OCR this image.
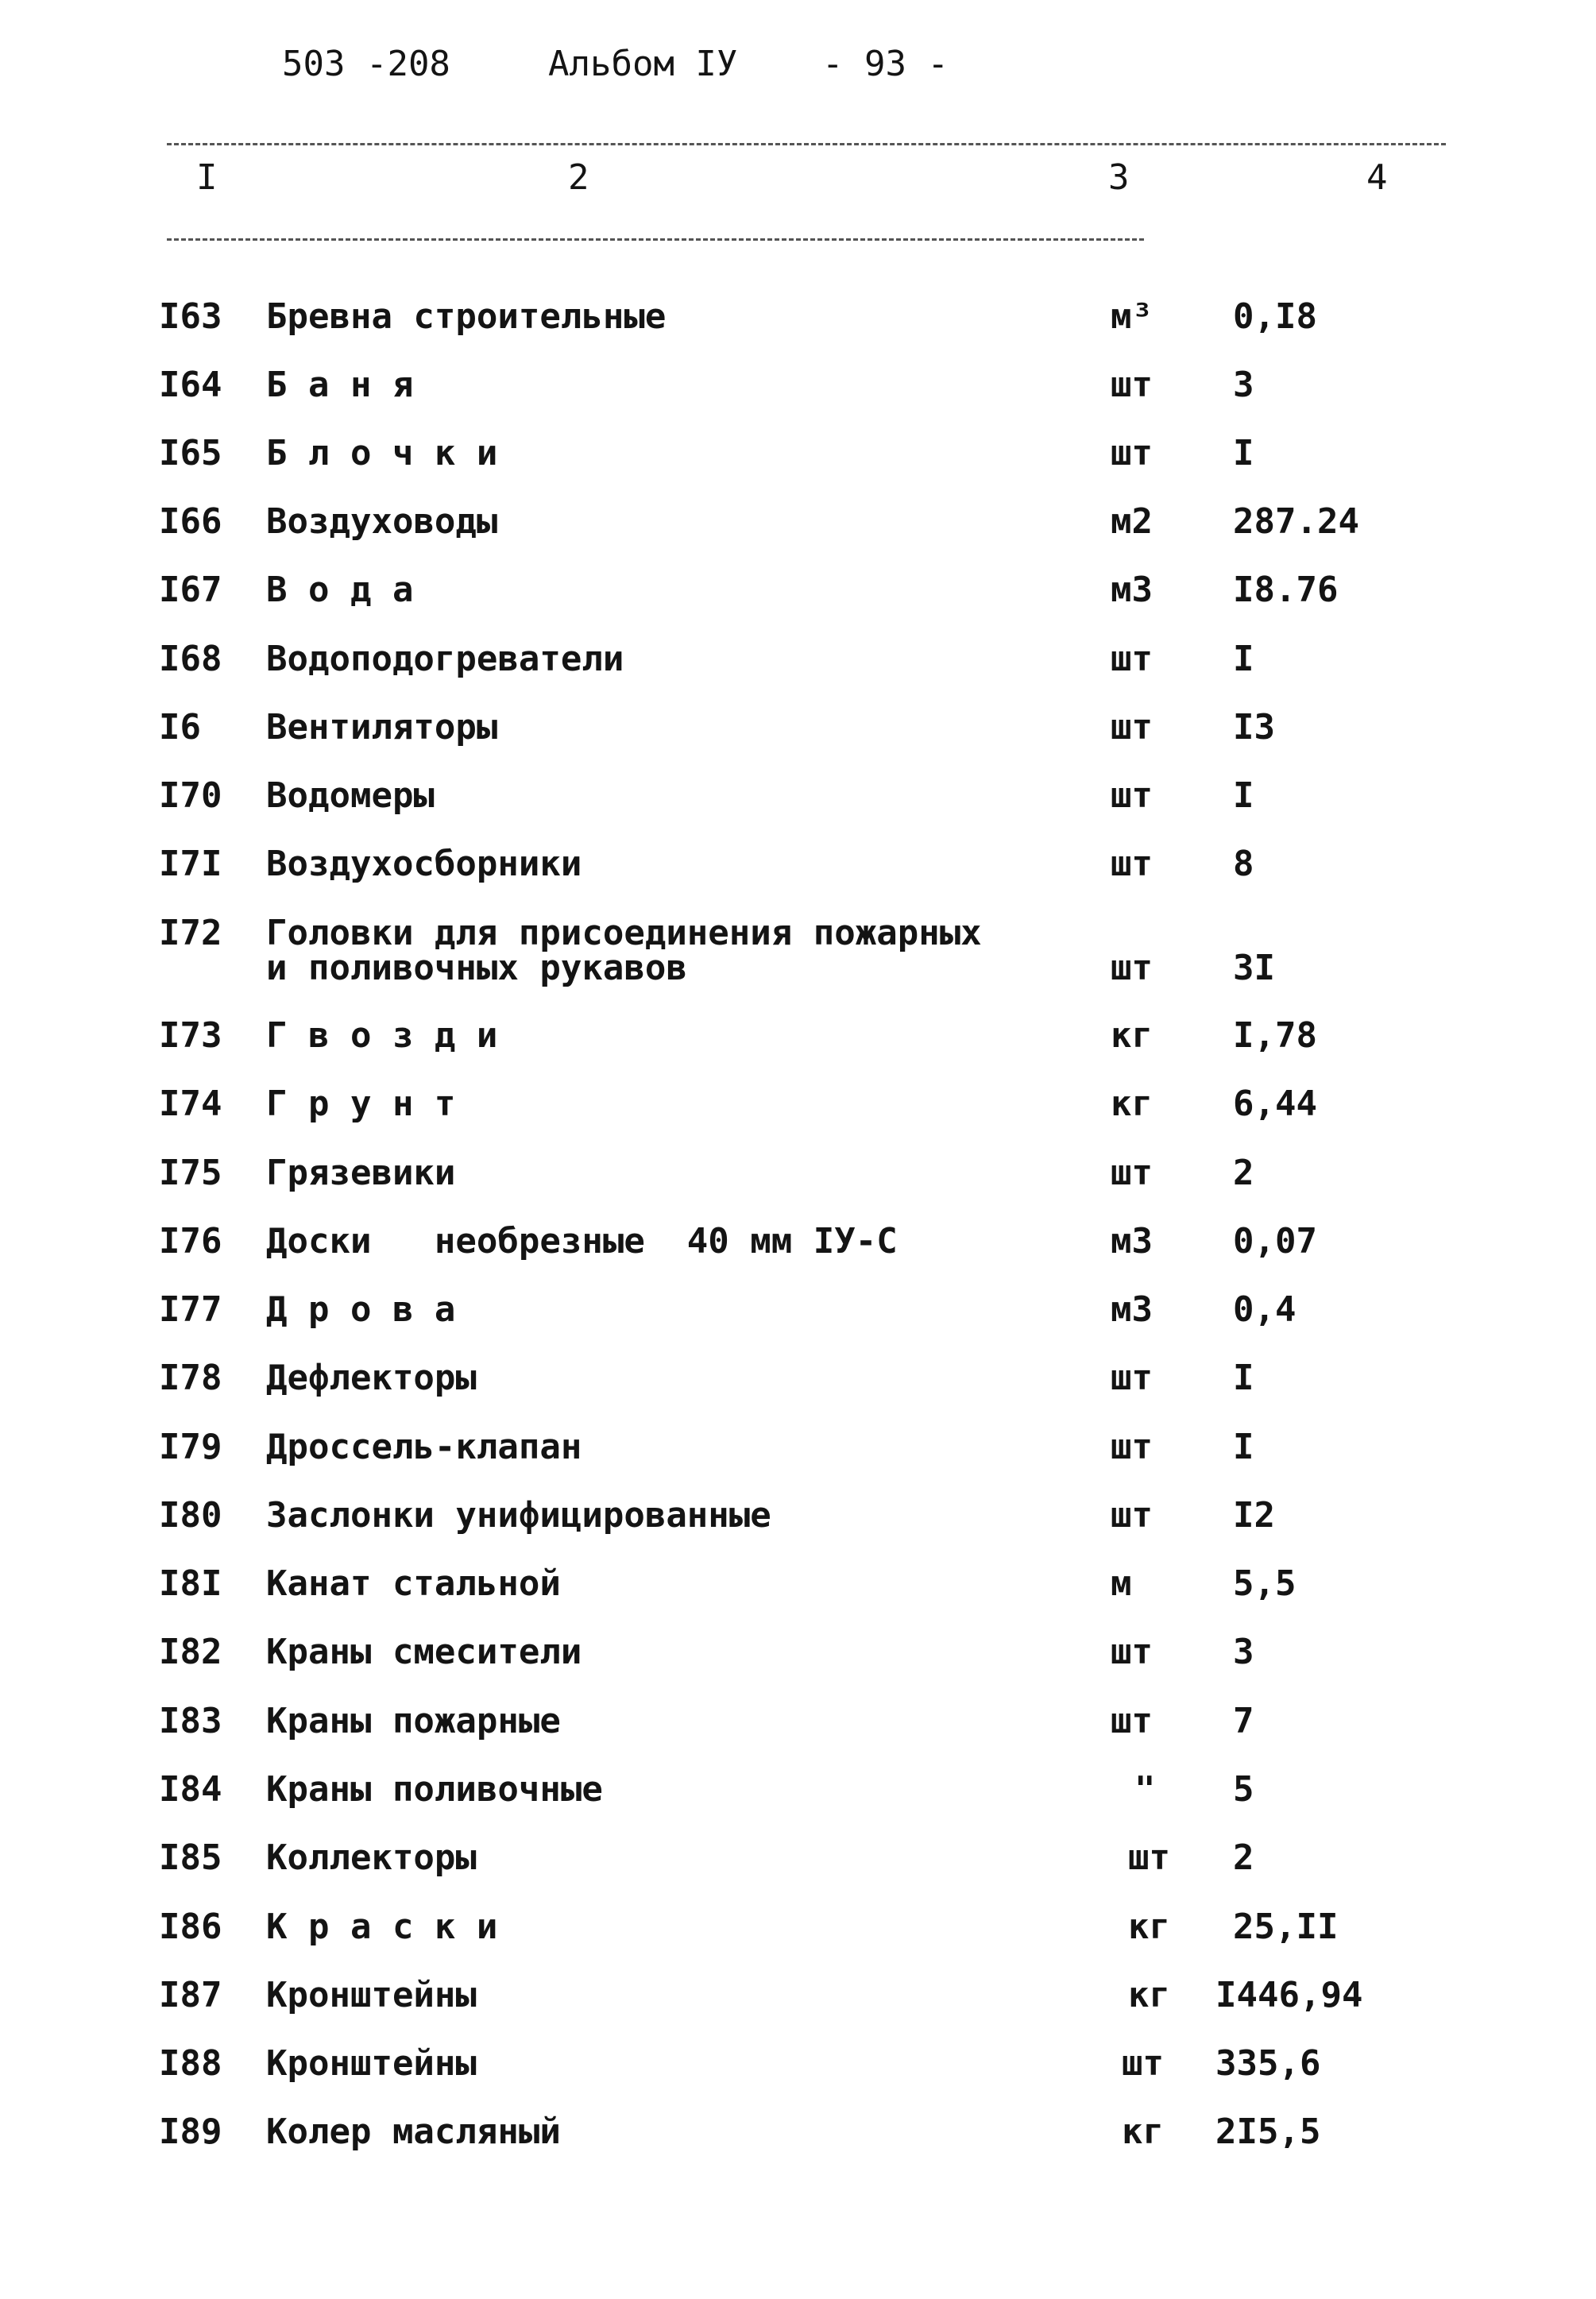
503 -208	Альбом IУ - 93 -
I	2	3	4
I63 Бревна строительные	м³ 0,I8
I64 Б а н я	шт 3
I65 Б л о ч к и	шт I
I66 Воздуховоды	м2 287.24
I67 В о д а	м3 I8.76
I68 Водоподогреватели	шт I
I6 Вентиляторы	шт I3
I70 Водомеры	шт I
I7I Воздухосборники	шт 8
I72 Головки для присоединения пожарных
и поливочных рукавов	шт 3I
I73 Г в о з д и	кг I,78
I74 Г р у н т	кг 6,44
I75 Грязевики	шт 2
I76 Доски   необрезные  40 мм IУ-С	м3 0,07
I77 Д р о в а	м3 0,4
I78 Дефлекторы	шт I
I79 Дроссель-клапан	шт I
I80 Заслонки унифицированные	шт I2
I8I Канат стальной	м	5,5
I82 Краны смесители	шт 3
I83 Краны пожарные	шт 7
I84 Краны поливочные	" 5
I85 Коллекторы	шт 2
I86 К р а с к и	кг 25,II
I87 Кронштейны	кг I446,94
I88 Кронштейны	шт 335,6
I89 Колер масляный	кг 2I5,5
